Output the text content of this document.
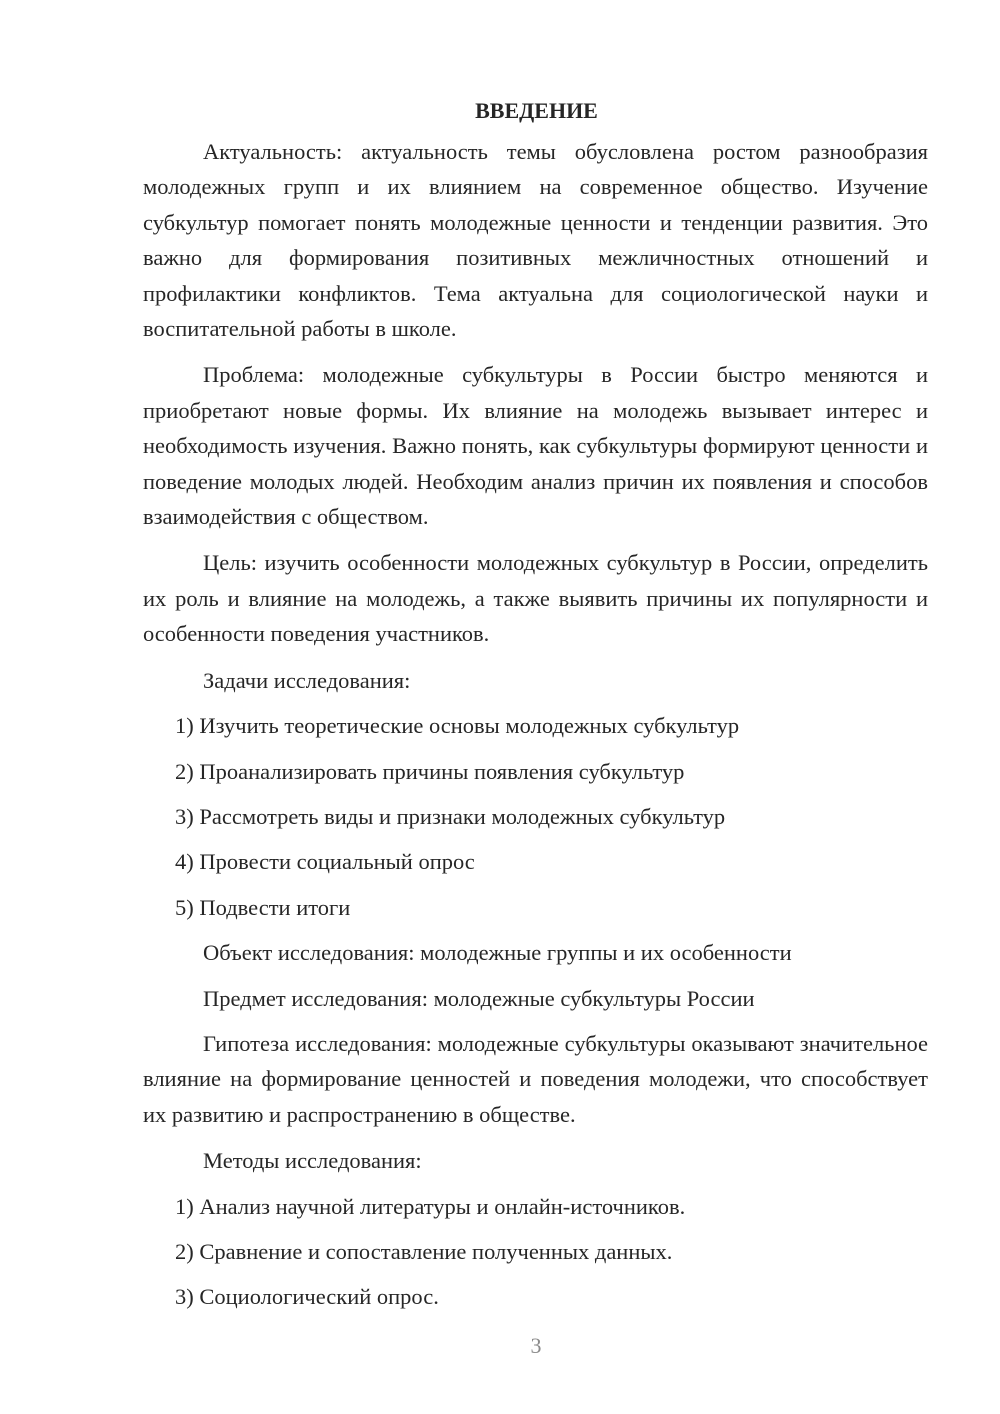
ВВЕДЕНИЕ

Актуальность: актуальность темы обусловлена ростом разнообразия молодежных групп и их влиянием на современное общество. Изучение субкультур помогает понять молодежные ценности и тенденции развития. Это важно для формирования позитивных межличностных отношений и профилактики конфликтов. Тема актуальна для социологической науки и воспитательной работы в школе.

Проблема: молодежные субкультуры в России быстро меняются и приобретают новые формы. Их влияние на молодежь вызывает интерес и необходимость изучения. Важно понять, как субкультуры формируют ценности и поведение молодых людей. Необходим анализ причин их появления и способов взаимодействия с обществом.

Цель: изучить особенности молодежных субкультур в России, определить их роль и влияние на молодежь, а также выявить причины их популярности и особенности поведения участников.

Задачи исследования:

1) Изучить теоретические основы молодежных субкультур

2) Проанализировать причины появления субкультур

3) Рассмотреть виды и признаки молодежных субкультур

4) Провести социальный опрос

5) Подвести итоги

Объект исследования: молодежные группы и их особенности

Предмет исследования: молодежные субкультуры России

Гипотеза исследования: молодежные субкультуры оказывают значительное влияние на формирование ценностей и поведения молодежи, что способствует их развитию и распространению в обществе.

Методы исследования:

1) Анализ научной литературы и онлайн-источников.

2) Сравнение и сопоставление полученных данных.

3) Социологический опрос.

3
